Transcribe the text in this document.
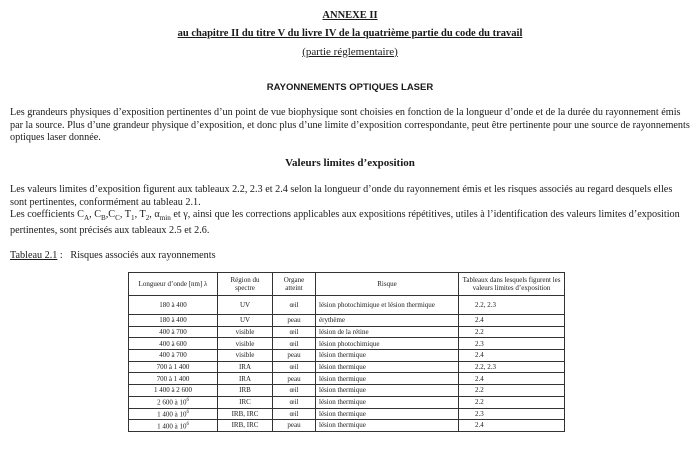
ANNEXE II
au chapitre II du titre V du livre IV de la quatrième partie du code du travail
(partie réglementaire)
RAYONNEMENTS OPTIQUES LASER

Les grandeurs physiques d’exposition pertinentes d’un point de vue biophysique sont choisies en fonction de la longueur d’onde et de la durée du rayonnement émis par la source. Plus d’une grandeur physique d’exposition, et donc plus d’une limite d’exposition correspondante, peut être pertinente pour une source de rayonnements optiques laser donnée.

Valeurs limites d’exposition

Les valeurs limites d’exposition figurent aux tableaux 2.2, 2.3 et 2.4 selon la longueur d’onde du rayonnement émis et les risques associés au regard desquels elles sont pertinentes, conformément au tableau 2.1.

Les coefficients $C_A$, $C_B,C_C$, $T_1$, $T_2$, $\alpha_{min}$ et γ, ainsi que les corrections applicables aux expositions répétitives, utiles à l’identification des valeurs limites d’exposition pertinentes, sont précisés aux tableaux 2.5 et 2.6.

Tableau 2.1 :   Risques associés aux rayonnements
Longueur d’onde [nm] λ	Région du spectre	Organe atteint	Risque	Tableaux dans lesquels figurent les valeurs limites d’exposition
180 à 400	UV	œil	lésion photochimique et lésion thermique	2.2, 2.3
180 à 400	UV	peau	érythème	2.4
400 à 700	visible	œil	lésion de la rétine	2.2
400 à 600	visible	œil	lésion photochimique	2.3
400 à 700	visible	peau	lésion thermique	2.4
700 à 1 400	IRA	œil	lésion thermique	2.2, 2.3
700 à 1 400	IRA	peau	lésion thermique	2.4
1 400 à 2 600	IRB	œil	lésion thermique	2.2
2 600 à $10^6$	IRC	œil	lésion thermique	2.2
1 400 à $10^6$	IRB, IRC	œil	lésion thermique	2.3
1 400 à $10^6$	IRB, IRC	peau	lésion thermique	2.4
